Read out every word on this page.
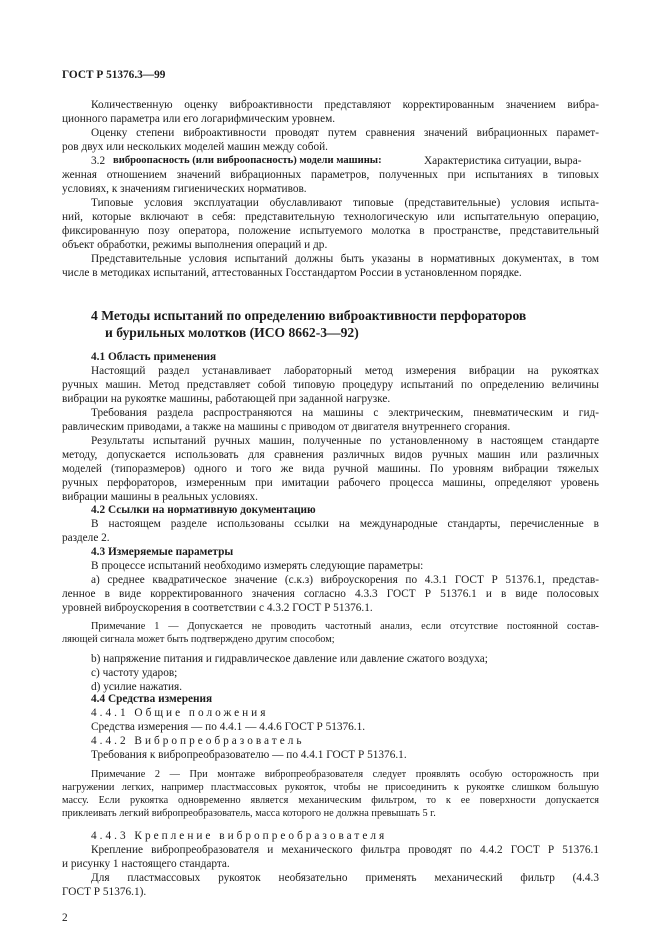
ГОСТ Р 51376.3—99
Количественную оценку виброактивности представляют корректированным значением вибра-
ционного параметра или его логарифмическим уровнем.
Оценку степени виброактивности проводят путем сравнения значений вибрационных парамет-
ров двух или нескольких моделей машин между собой.
3.2 виброопасность (или виброопасность) модели машины:	Характеристика ситуации, выра-
женная отношением значений вибрационных параметров, полученных при испытаниях в типовых
условиях, к значениям гигиенических нормативов.
Типовые условия эксплуатации обуславливают типовые (представительные) условия испыта-
ний, которые включают в себя: представительную технологическую или испытательную операцию,
фиксированную позу оператора, положение испытуемого молотка в пространстве, представительный
объект обработки, режимы выполнения операций и др.
Представительные условия испытаний должны быть указаны в нормативных документах, в том
числе в методиках испытаний, аттестованных Госстандартом России в установленном порядке.
4 Методы испытаний по определению виброактивности перфораторов
и бурильных молотков (ИСО 8662-3—92)
4.1 Область применения
Настоящий раздел устанавливает лабораторный метод измерения вибрации на рукоятках
ручных машин. Метод представляет собой типовую процедуру испытаний по определению величины
вибрации на рукоятке машины, работающей при заданной нагрузке.
Требования раздела распространяются на машины с электрическим, пневматическим и гид-
равлическим приводами, а также на машины с приводом от двигателя внутреннего сгорания.
Результаты испытаний ручных машин, полученные по установленному в настоящем стандарте
методу, допускается использовать для сравнения различных видов ручных машин или различных
моделей (типоразмеров) одного и того же вида ручной машины. По уровням вибрации тяжелых
ручных перфораторов, измеренным при имитации рабочего процесса машины, определяют уровень
вибрации машины в реальных условиях.
4.2 Ссылки на нормативную документацию
В настоящем разделе использованы ссылки на международные стандарты, перечисленные в
разделе 2.
4.3 Измеряемые параметры
В процессе испытаний необходимо измерять следующие параметры:
а) среднее квадратическое значение (с.к.з) виброускорения по 4.3.1 ГОСТ Р 51376.1, представ-
ленное в виде корректированного значения согласно 4.3.3 ГОСТ Р 51376.1 и в виде полосовых
уровней виброускорения в соответствии с 4.3.2 ГОСТ Р 51376.1.
Примечание 1 — Допускается не проводить частотный анализ, если отсутствие постоянной состав-
ляющей сигнала может быть подтверждено другим способом;
b) напряжение питания и гидравлическое давление или давление сжатого воздуха;
с) частоту ударов;
d) усилие нажатия.
4.4 Средства измерения
4.4.1 Общие положения
Средства измерения — по 4.4.1 — 4.4.6 ГОСТ Р 51376.1.
4.4.2 Вибропреобразователь
Требования к вибропреобразователю — по 4.4.1 ГОСТ Р 51376.1.
Примечание 2 — При монтаже вибропреобразователя следует проявлять особую осторожность при
нагружении легких, например пластмассовых рукояток, чтобы не присоединить к рукоятке слишком большую
массу. Если рукоятка одновременно является механическим фильтром, то к ее поверхности допускается
приклеивать легкий вибропреобразователь, масса которого не должна превышать 5 г.
4.4.3 Крепление вибропреобразователя
Крепление вибропреобразователя и механического фильтра проводят по 4.4.2 ГОСТ Р 51376.1
и рисунку 1 настоящего стандарта.
Для пластмассовых рукояток необязательно применять механический фильтр (4.4.3
ГОСТ Р 51376.1).
2
